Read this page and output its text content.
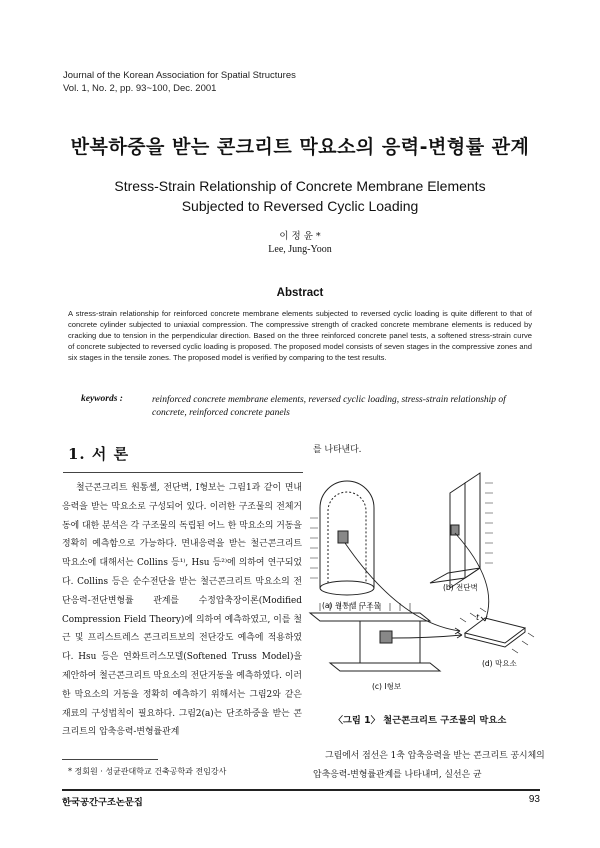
Journal of the Korean Association for Spatial Structures
Vol. 1, No. 2, pp. 93~100, Dec. 2001
반복하중을 받는 콘크리트 막요소의 응력-변형률 관계
Stress-Strain Relationship of Concrete Membrane Elements
Subjected to Reversed Cyclic Loading
이 정 윤 *
Lee, Jung-Yoon
Abstract
A stress-strain relationship for reinforced concrete membrane elements subjected to reversed cyclic loading is quite different to that of concrete cylinder subjected to uniaxial compression. The compressive strength of cracked concrete membrane elements is reduced by cracking due to tension in the perpendicular direction. Based on the three reinforced concrete panel tests, a softened stress-strain curve of concrete subjected to reversed cyclic loading is proposed. The proposed model consists of seven stages in the compressive zones and six stages in the tensile zones. The proposed model is verified by comparing to the test results.
keywords :	reinforced concrete membrane elements, reversed cyclic loading, stress-strain relationship of concrete, reinforced concrete panels
1. 서 론

철근콘크리트 원통셸, 전단벽, I형보는 그림1과 같이 면내응력을 받는 막요소로 구성되어 있다. 이러한 구조물의 전체거동에 대한 분석은 각 구조물의 독립된 어느 한 막요소의 거동을 정확히 예측함으로 가능하다. 면내응력을 받는 철근콘크리트 막요소에 대해서는 Collins 등¹⁾, Hsu 등²⁾에 의하여 연구되었다. Collins 등은 순수전단을 받는 철근콘크리트 막요소의 전단응력-전단변형률 관계를 수정압축장이론(Modified Compression Field Theory)에 의하여 예측하였고, 이를 철근 및 프리스트레스 콘크리트보의 전단강도 예측에 적용하였다. Hsu 등은 연화트러스모델(Softened Truss Model)을 제안하여 철근콘크리트 막요소의 전단거동을 예측하였다. 이러한 막요소의 거동을 정확히 예측하기 위해서는 그림2와 같은 재료의 구성법칙이 필요하다. 그림2(a)는 단조하중을 받는 콘크리트의 압축응력-변형률관계

를 나타낸다.
(a) 원통셸 구조물
(b) 전단벽
(c) I형보
t
(d) 막요소
〈그림 1〉 철근콘크리트 구조물의 막요소

그림에서 점선은 1축 압축응력을 받는 콘크리트 공시체의 압축응력-변형률관계를 나타내며, 실선은 균

* 정회원 · 성균관대학교 건축공학과 전임강사
한국공간구조논문집	93
